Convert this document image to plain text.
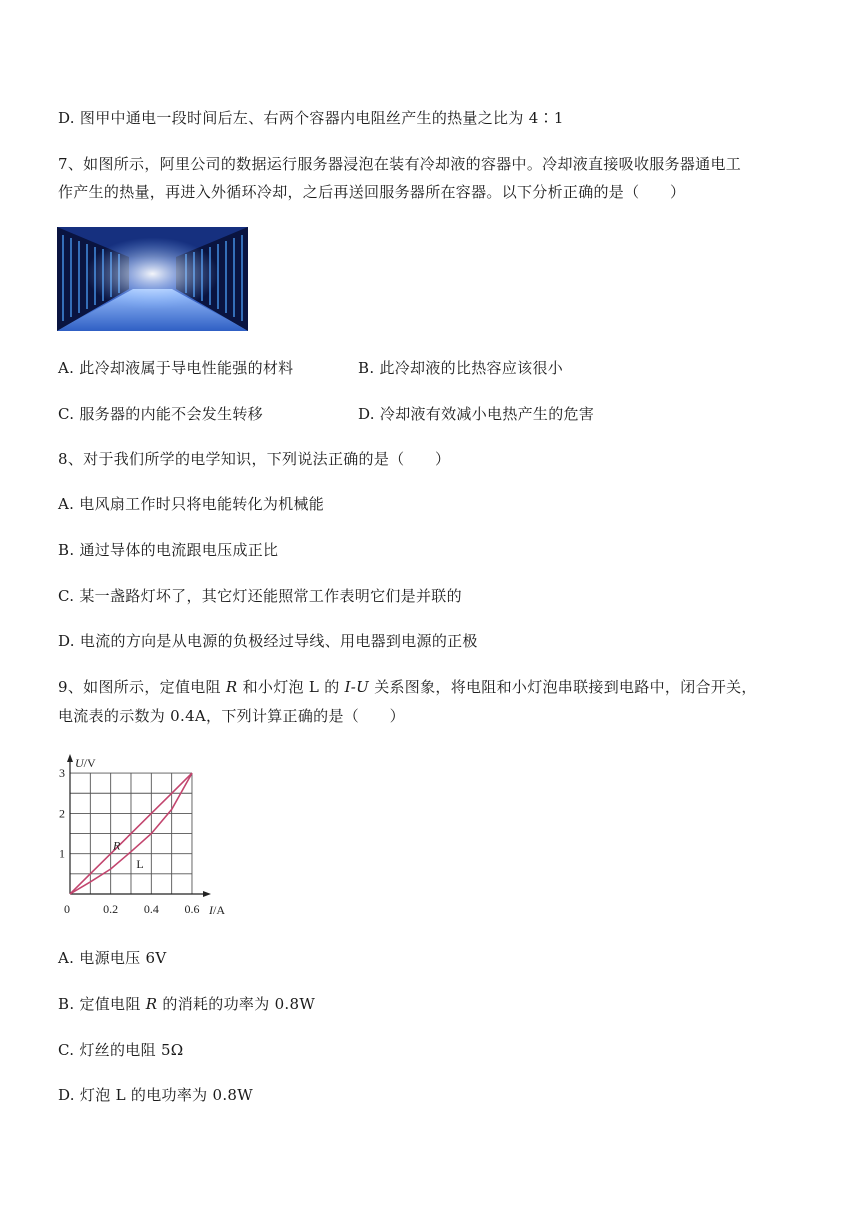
D. 图甲中通电一段时间后左、右两个容器内电阻丝产生的热量之比为 4∶1
7、如图所示，阿里公司的数据运行服务器浸泡在装有冷却液的容器中。冷却液直接吸收服务器通电工
作产生的热量，再进入外循环冷却，之后再送回服务器所在容器。以下分析正确的是（　　）
A. 此冷却液属于导电性能强的材料	B. 此冷却液的比热容应该很小
C. 服务器的内能不会发生转移	D. 冷却液有效减小电热产生的危害
8、对于我们所学的电学知识，下列说法正确的是（　　）
A. 电风扇工作时只将电能转化为机械能
B. 通过导体的电流跟电压成正比
C. 某一盏路灯坏了，其它灯还能照常工作表明它们是并联的
D. 电流的方向是从电源的负极经过导线、用电器到电源的正极
9、如图所示，定值电阻 R 和小灯泡 L 的 I-U 关系图象，将电阻和小灯泡串联接到电路中，闭合开关，
电流表的示数为 0.4A，下列计算正确的是（　　）
0	0.2 0.4 0.6
1
2
3
U/V
I/A
R
L
A. 电源电压 6V
B. 定值电阻 R 的消耗的功率为 0.8W
C. 灯丝的电阻 5Ω
D. 灯泡 L 的电功率为 0.8W
